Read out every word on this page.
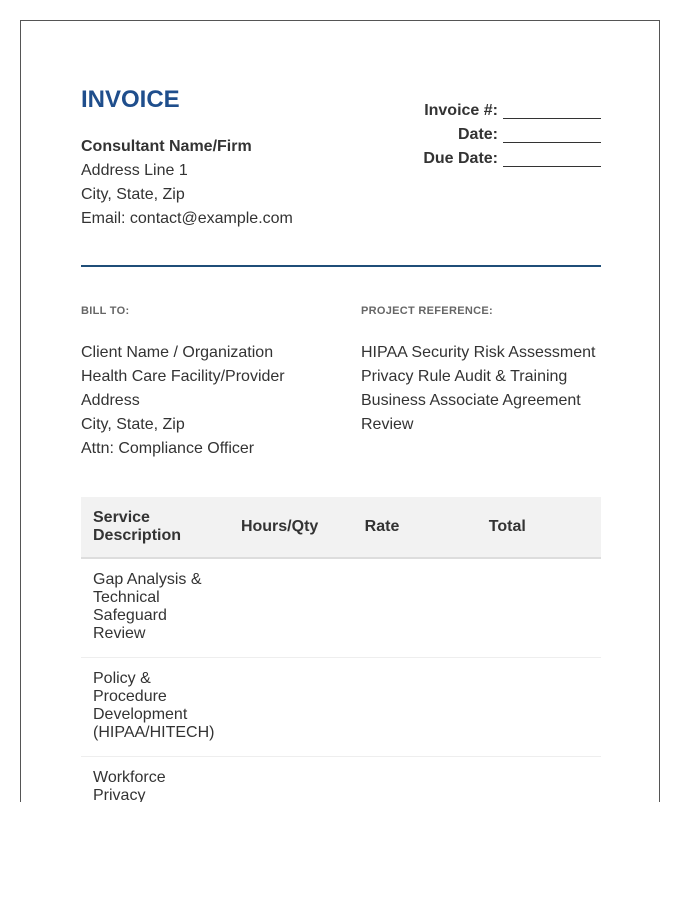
INVOICE
Consultant Name/Firm
Address Line 1
City, State, Zip
Email: contact@example.com
Invoice #:
Date:
Due Date:
BILL TO:
Client Name / Organization
Health Care Facility/Provider
Address
City, State, Zip
Attn: Compliance Officer
PROJECT REFERENCE:
HIPAA Security Risk Assessment
Privacy Rule Audit & Training
Business Associate Agreement
Review
Service Description	Hours/Qty	Rate	Total
Gap Analysis & Technical Safeguard Review			
Policy & Procedure Development (HIPAA/HITECH)			
Workforce Privacy			
